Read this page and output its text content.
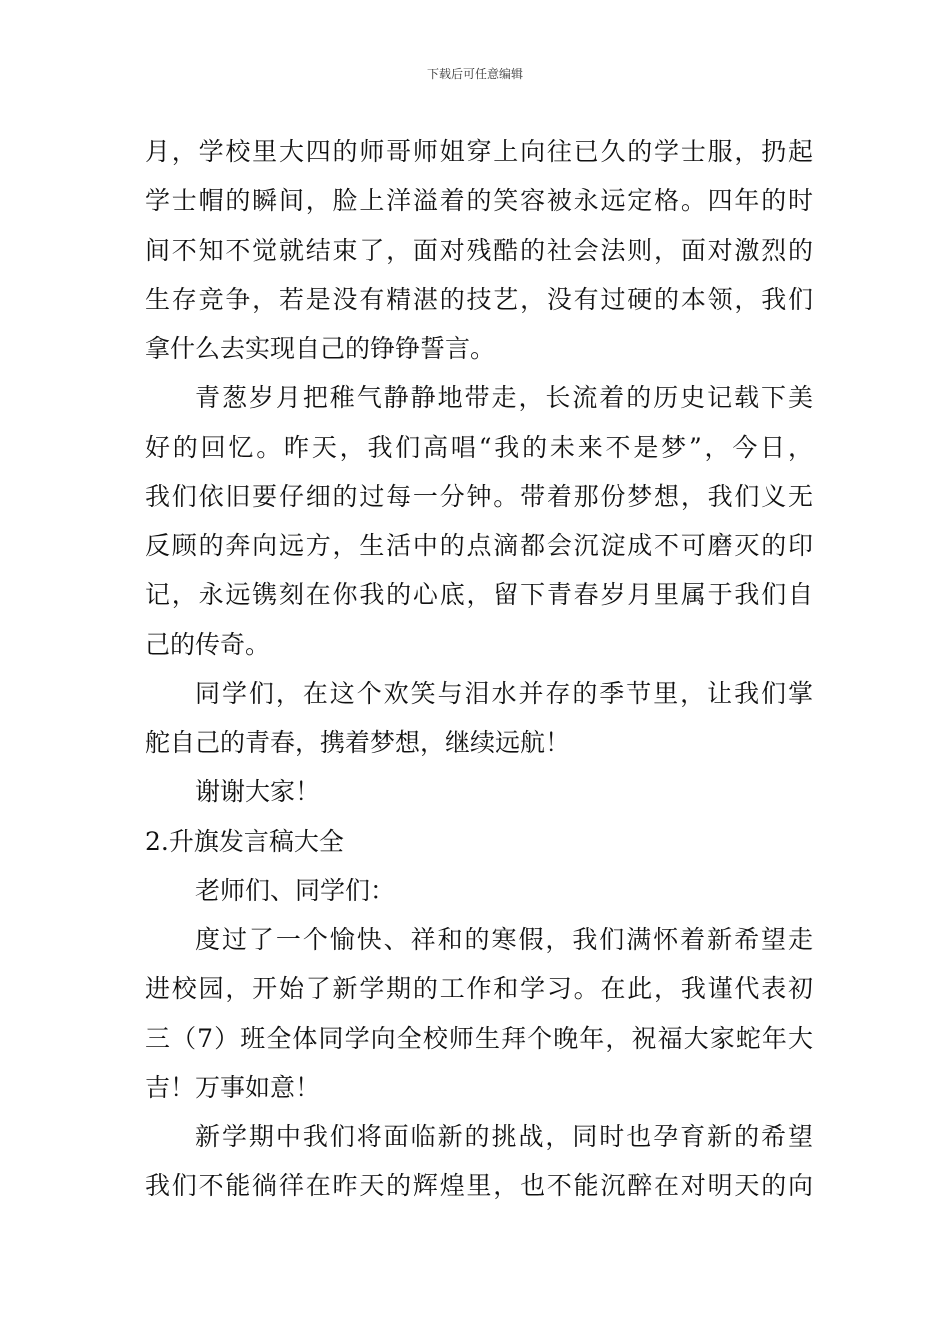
下载后可任意编辑
月，学校里大四的师哥师姐穿上向往已久的学士服，扔起
学士帽的瞬间，脸上洋溢着的笑容被永远定格。四年的时
间不知不觉就结束了，面对残酷的社会法则，面对激烈的
生存竞争，若是没有精湛的技艺，没有过硬的本领，我们
拿什么去实现自己的铮铮誓言。
青葱岁月把稚气静静地带走，长流着的历史记载下美
好的回忆。昨天，我们高唱“我的未来不是梦”，今日，
我们依旧要仔细的过每一分钟。带着那份梦想，我们义无
反顾的奔向远方，生活中的点滴都会沉淀成不可磨灭的印
记，永远镌刻在你我的心底，留下青春岁月里属于我们自
己的传奇。
同学们，在这个欢笑与泪水并存的季节里，让我们掌
舵自己的青春，携着梦想，继续远航！
谢谢大家！
2.升旗发言稿大全
老师们、同学们：
度过了一个愉快、祥和的寒假，我们满怀着新希望走
进校园，开始了新学期的工作和学习。在此，我谨代表初
三（7）班全体同学向全校师生拜个晚年，祝福大家蛇年大
吉！万事如意！
新学期中我们将面临新的挑战，同时也孕育新的希望
我们不能徜徉在昨天的辉煌里，也不能沉醉在对明天的向
